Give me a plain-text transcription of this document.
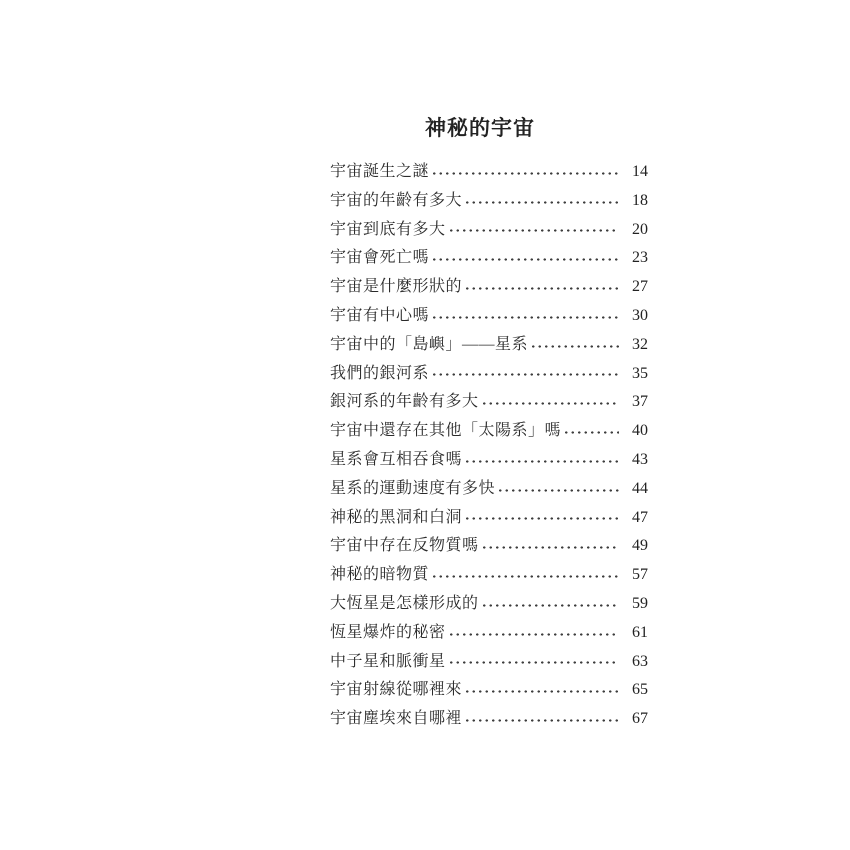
神秘的宇宙
宇宙誕生之謎	14
宇宙的年齡有多大	18
宇宙到底有多大	20
宇宙會死亡嗎	23
宇宙是什麼形狀的	27
宇宙有中心嗎	30
宇宙中的「島嶼」——星系	32
我們的銀河系	35
銀河系的年齡有多大	37
宇宙中還存在其他「太陽系」嗎	40
星系會互相吞食嗎	43
星系的運動速度有多快	44
神秘的黑洞和白洞	47
宇宙中存在反物質嗎	49
神秘的暗物質	57
大恆星是怎樣形成的	59
恆星爆炸的秘密	61
中子星和脈衝星	63
宇宙射線從哪裡來	65
宇宙塵埃來自哪裡	67
